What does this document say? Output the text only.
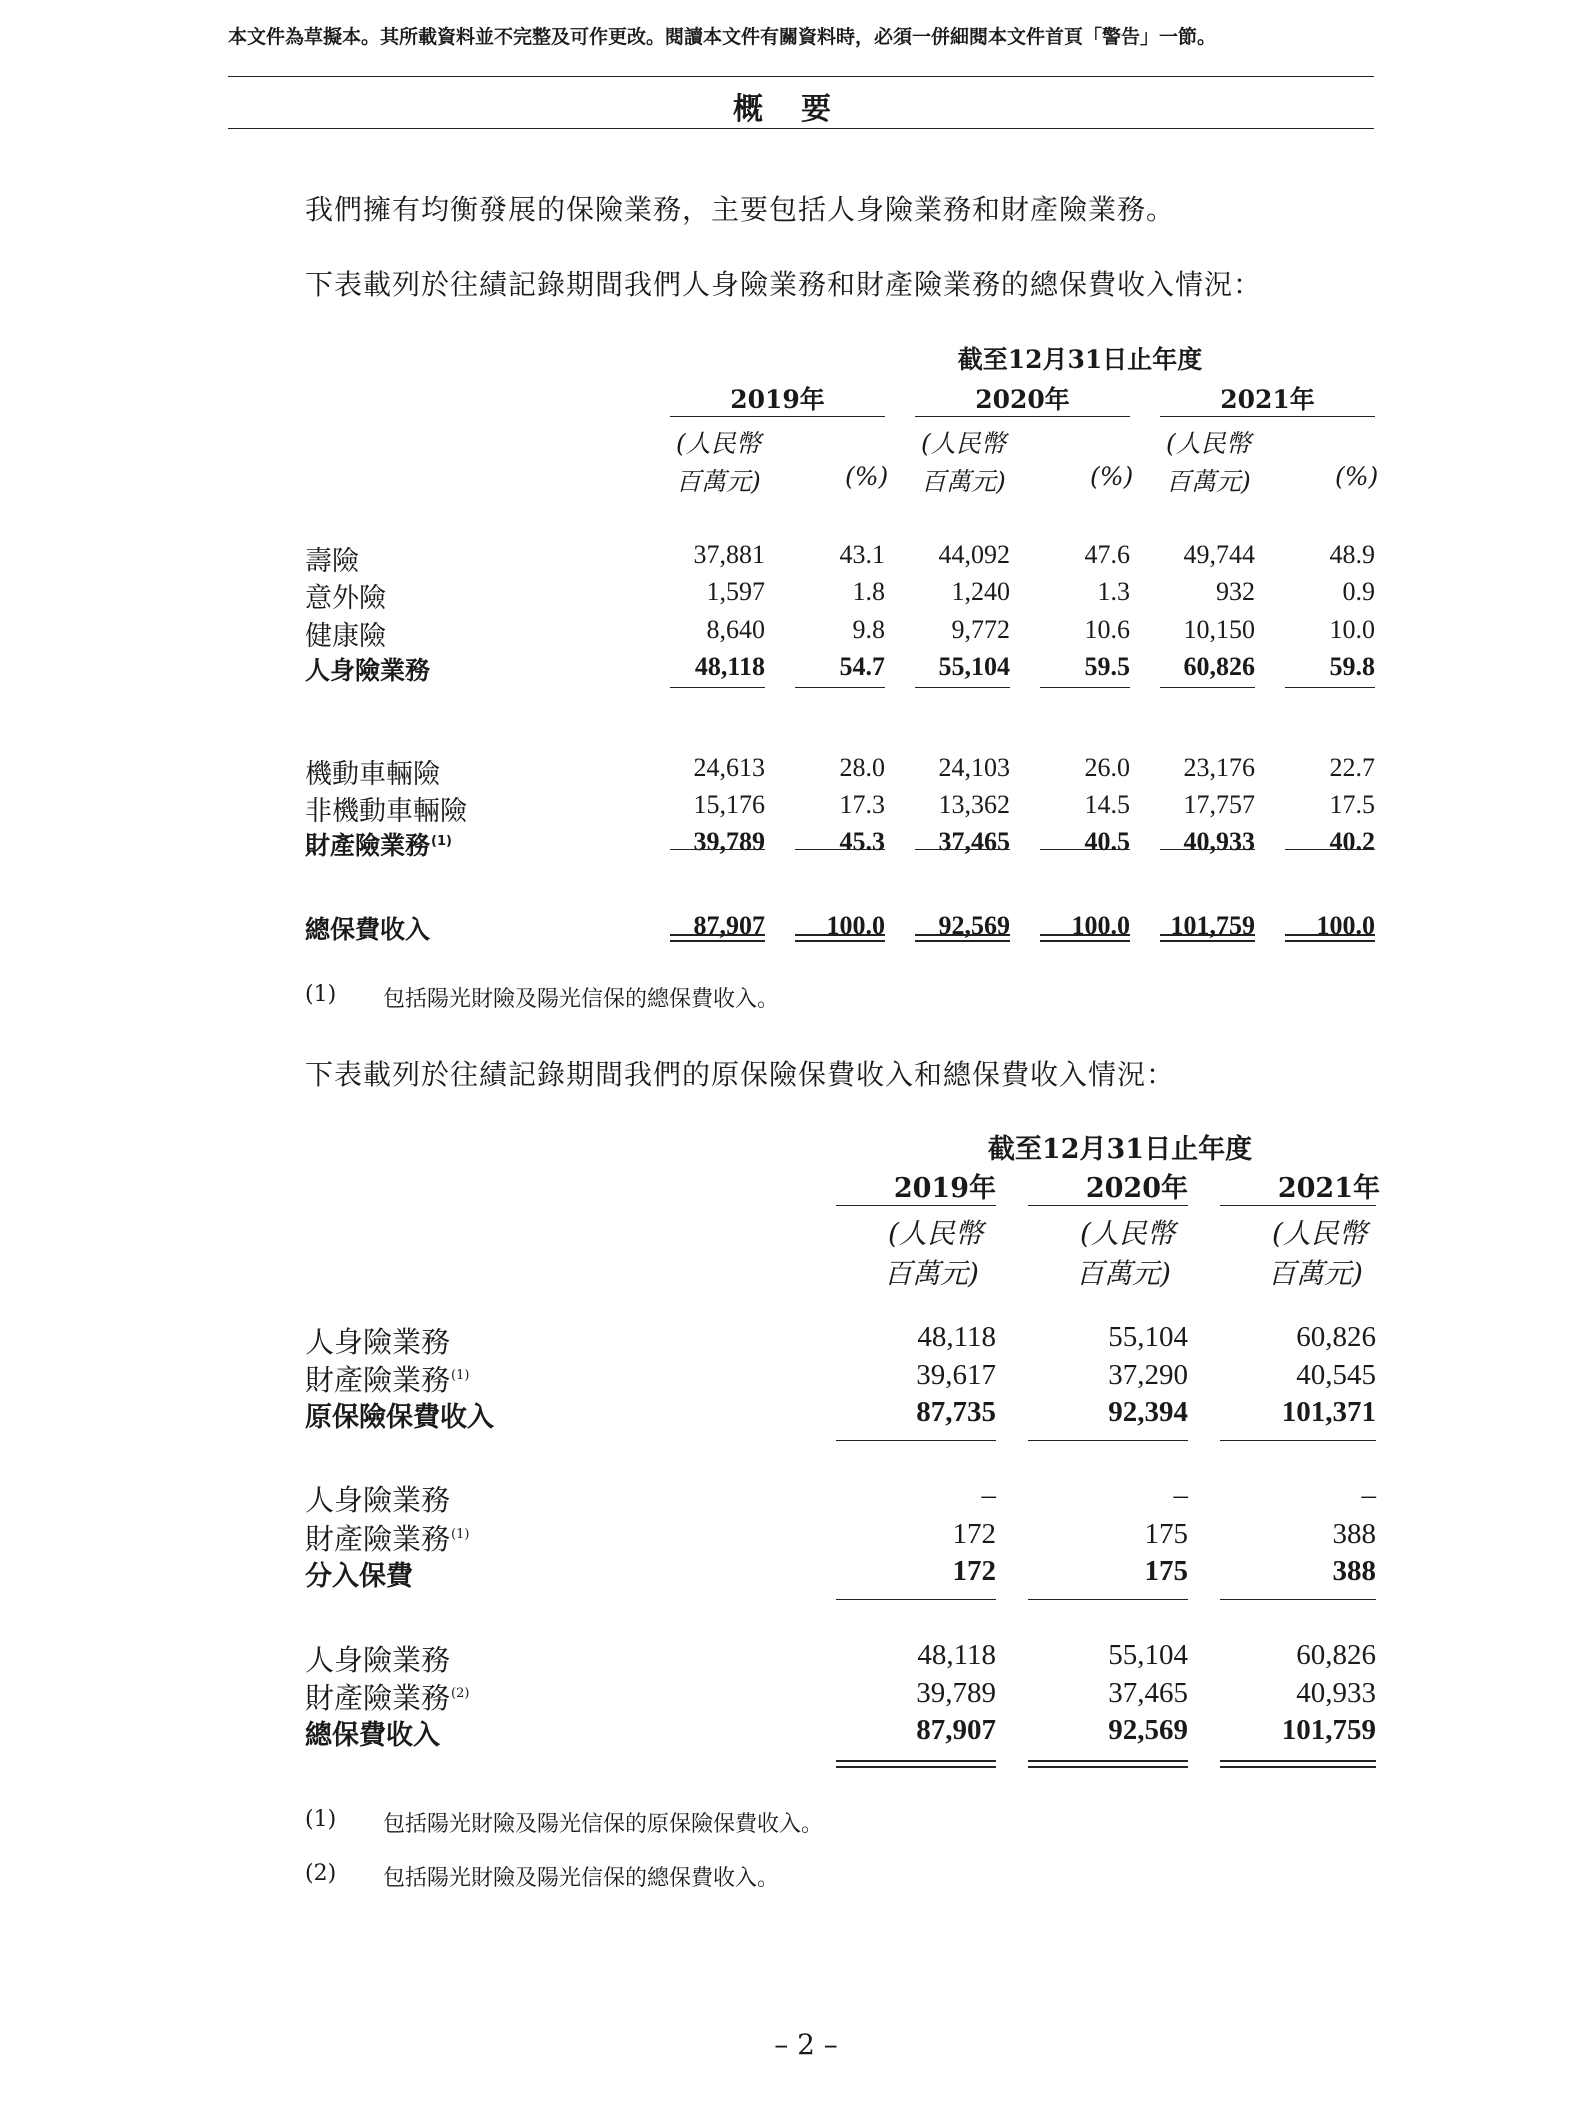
本文件為草擬本。其所載資料並不完整及可作更改。閱讀本文件有關資料時，必須一併細閱本文件首頁「警告」一節。
概要
我們擁有均衡發展的保險業務，主要包括人身險業務和財產險業務。
下表載列於往績記錄期間我們人身險業務和財產險業務的總保費收入情況：
截至12月31日止年度
2019年	2020年	2021年
(人民幣
百萬元)	(%)
(人民幣
百萬元)	(%)
(人民幣
百萬元)	(%)
壽險	37,881	43.1	44,092	47.6	49,744	48.9
意外險	1,597	1.8	1,240	1.3	932	0.9
健康險	8,640	9.8	9,772	10.6	10,150	10.0
人身險業務	48,118	54.7	55,104	59.5	60,826	59.8
機動車輛險	24,613	28.0	24,103	26.0	23,176	22.7
非機動車輛險	15,176	17.3	13,362	14.5	17,757	17.5
財產險業務$^{(1)}$	39,789	45.3	37,465	40.5	40,933	40.2
總保費收入	87,907	100.0	92,569	100.0	101,759	100.0
(1) 包括陽光財險及陽光信保的總保費收入。
下表載列於往績記錄期間我們的原保險保費收入和總保費收入情況：
截至12月31日止年度
2019年	2020年	2021年
(人民幣
百萬元)
(人民幣
百萬元)
(人民幣
百萬元)
人身險業務	48,118	55,104	60,826
財產險業務$^{(1)}$	39,617	37,290	40,545
原保險保費收入	87,735	92,394	101,371
人身險業務	–	–	–
財產險業務$^{(1)}$	172	175	388
分入保費	172	175	388
人身險業務	48,118	55,104	60,826
財產險業務$^{(2)}$	39,789	37,465	40,933
總保費收入	87,907	92,569	101,759
(1) 包括陽光財險及陽光信保的原保險保費收入。
(2) 包括陽光財險及陽光信保的總保費收入。
– 2 –
